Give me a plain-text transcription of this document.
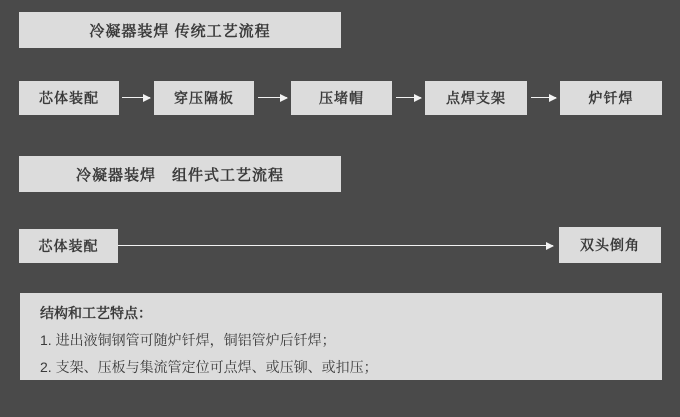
冷凝器装焊 传统工艺流程
芯体装配	穿压隔板	压堵帽	点焊支架	炉钎焊
冷凝器装焊　组件式工艺流程
芯体装配	双头倒角
结构和工艺特点：
1. 进出液铜钢管可随炉钎焊，铜铝管炉后钎焊；
2. 支架、压板与集流管定位可点焊、或压铆、或扣压；
